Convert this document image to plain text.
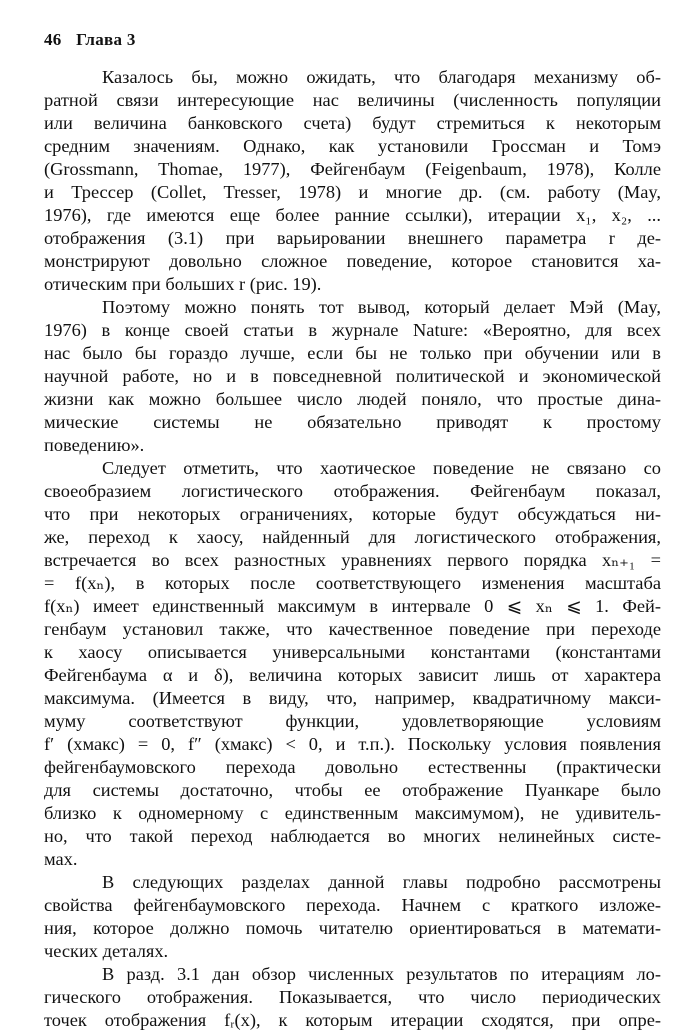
46 Глава 3

Казалось бы, можно ожидать, что благодаря механизму об-
ратной связи интересующие нас величины (численность популяции
или величина банковского счета) будут стремиться к некоторым
средним значениям. Однако, как установили Гроссман и Томэ
(Grossmann, Thomae, 1977), Фейгенбаум (Feigenbaum, 1978), Колле
и Трессер (Collet, Tresser, 1978) и многие др. (см. работу (May,
1976), где имеются еще более ранние ссылки), итерации x₁, x₂, ...
отображения (3.1) при варьировании внешнего параметра r де-
монстрируют довольно сложное поведение, которое становится ха-
отическим при больших r (рис. 19).

Поэтому можно понять тот вывод, который делает Мэй (May,
1976) в конце своей статьи в журнале Nature: «Вероятно, для всех
нас было бы гораздо лучше, если бы не только при обучении или в
научной работе, но и в повседневной политической и экономической
жизни как можно большее число людей поняло, что простые дина-
мические системы не обязательно приводят к простому
поведению».

Следует отметить, что хаотическое поведение не связано со
своеобразием логистического отображения. Фейгенбаум показал,
что при некоторых ограничениях, которые будут обсуждаться ни-
же, переход к хаосу, найденный для логистического отображения,
встречается во всех разностных уравнениях первого порядка xₙ₊₁ =
= f(xₙ), в которых после соответствующего изменения масштаба
f(xₙ) имеет единственный максимум в интервале 0 ⩽ xₙ ⩽ 1. Фей-
генбаум установил также, что качественное поведение при переходе
к хаосу описывается универсальными константами (константами
Фейгенбаума α и δ), величина которых зависит лишь от характера
максимума. (Имеется в виду, что, например, квадратичному макси-
муму соответствуют функции, удовлетворяющие условиям
f′ (xмакс) = 0, f″ (xмакс) < 0, и т.п.). Поскольку условия появления
фейгенбаумовского перехода довольно естественны (практически
для системы достаточно, чтобы ее отображение Пуанкаре было
близко к одномерному с единственным максимумом), не удивитель-
но, что такой переход наблюдается во многих нелинейных систе-
мах.

В следующих разделах данной главы подробно рассмотрены
свойства фейгенбаумовского перехода. Начнем с краткого изложе-
ния, которое должно помочь читателю ориентироваться в математи-
ческих деталях.

В разд. 3.1 дан обзор численных результатов по итерациям ло-
гического отображения. Показывается, что число периодических
точек отображения fᵣ(x), к которым итерации сходятся, при опре-
